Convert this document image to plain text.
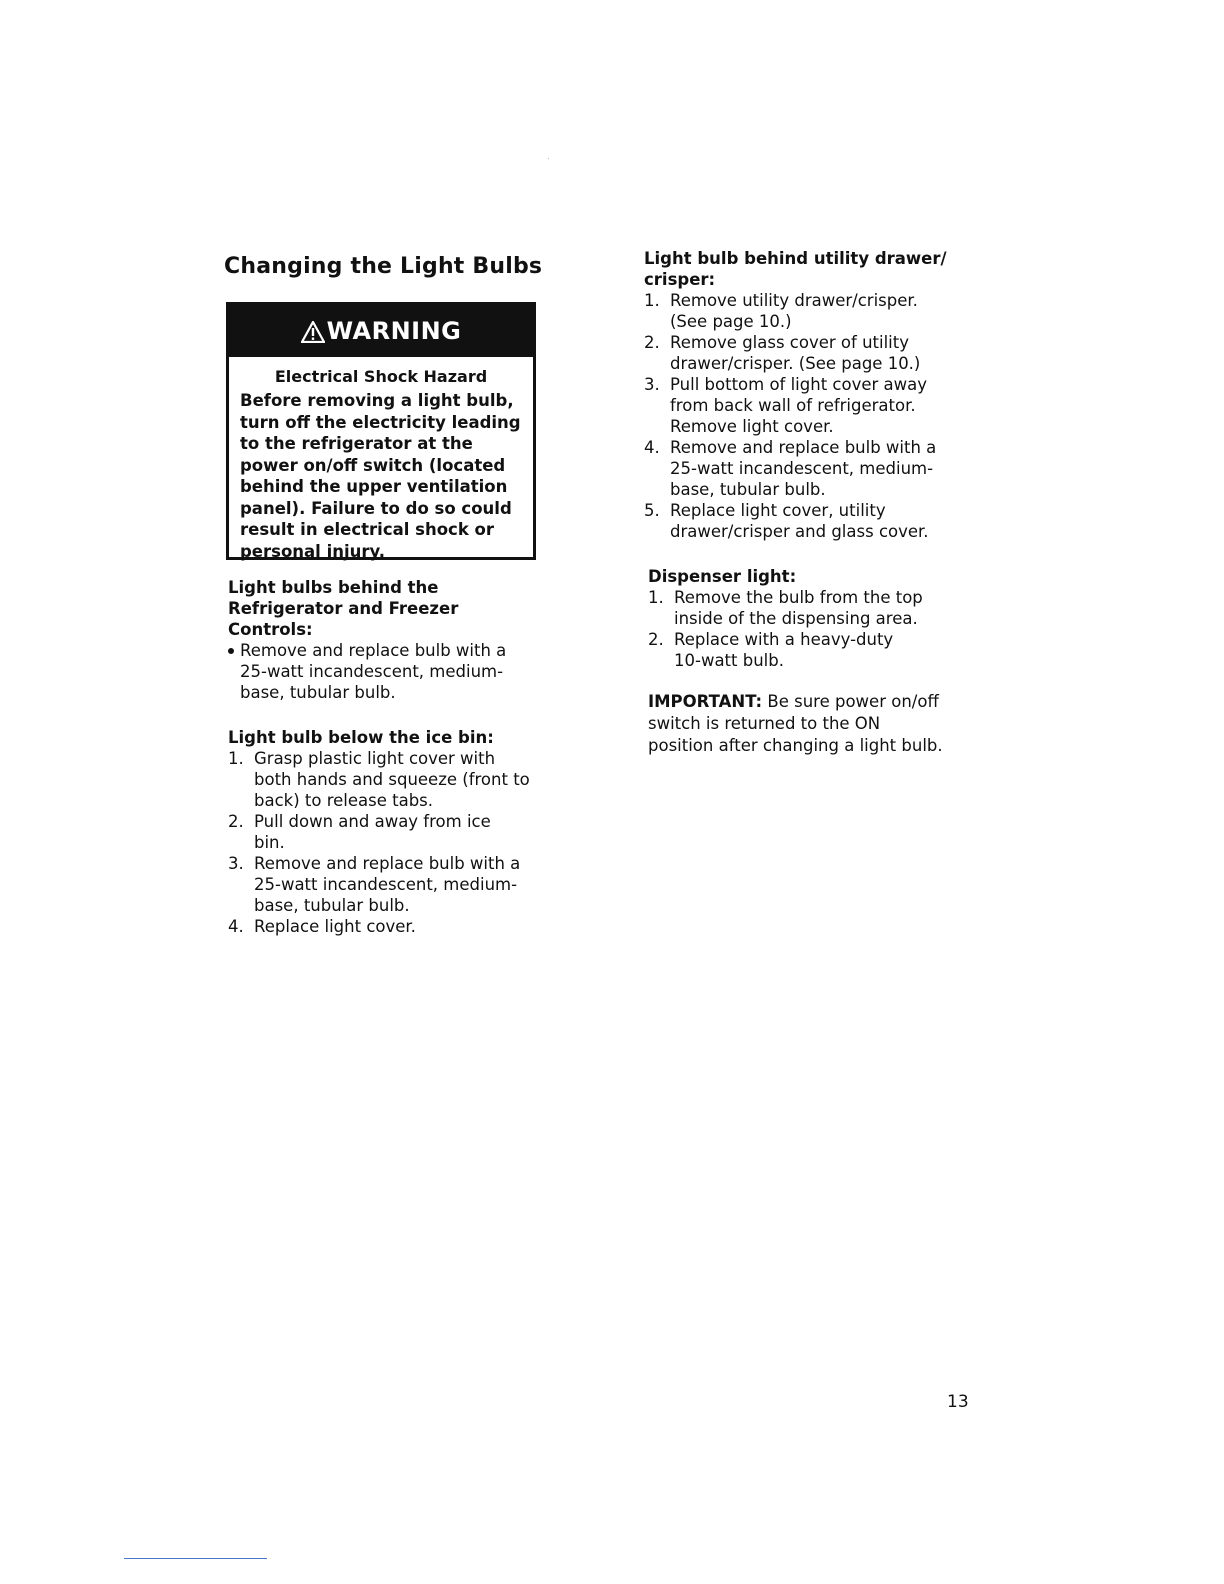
Changing the Light Bulbs
WARNING
Electrical Shock Hazard

Before removing a light bulb, turn off the electricity leading to the refrigerator at the power on/off switch (located behind the upper ventilation panel). Failure to do so could result in electrical shock or personal injury.

Light bulbs behind the
Refrigerator and Freezer
Controls:

Remove and replace bulb with a
25-watt incandescent, medium-
base, tubular bulb.

Light bulb below the ice bin:

1. Grasp plastic light cover with
both hands and squeeze (front to
back) to release tabs.
2. Pull down and away from ice
bin.
3. Remove and replace bulb with a
25-watt incandescent, medium-
base, tubular bulb.
4. Replace light cover.

Light bulb behind utility drawer/
crisper:

1. Remove utility drawer/crisper.
(See page 10.)
2. Remove glass cover of utility
drawer/crisper. (See page 10.)
3. Pull bottom of light cover away
from back wall of refrigerator.
Remove light cover.
4. Remove and replace bulb with a
25-watt incandescent, medium-
base, tubular bulb.
5. Replace light cover, utility
drawer/crisper and glass cover.

Dispenser light:

1. Remove the bulb from the top
inside of the dispensing area.
2. Replace with a heavy-duty
10-watt bulb.

IMPORTANT: Be sure power on/off
switch is returned to the ON
position after changing a light bulb.

13
